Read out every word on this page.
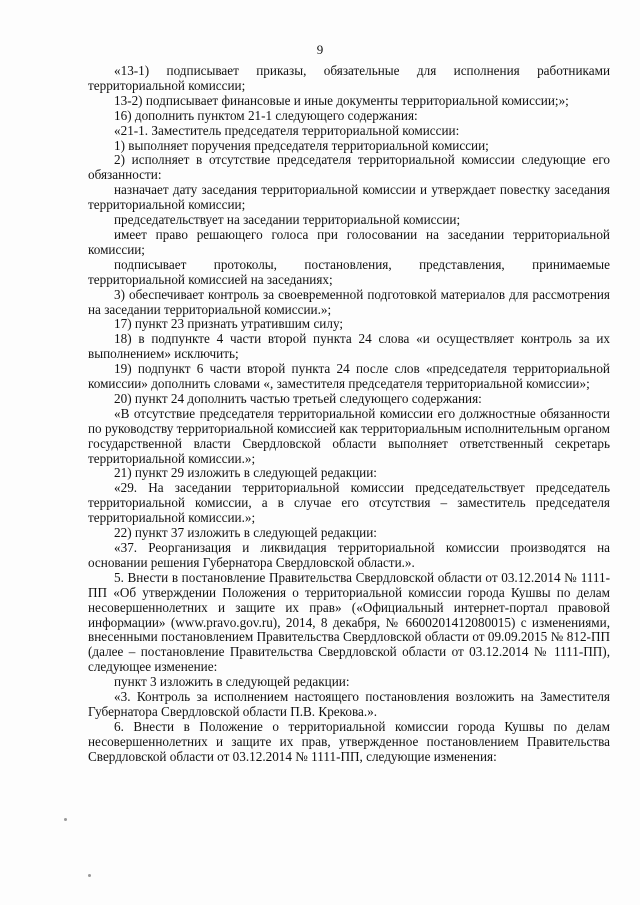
9

«13-1) подписывает приказы, обязательные для исполнения работниками территориальной комиссии;

13-2) подписывает финансовые и иные документы территориальной комиссии;»;

16) дополнить пунктом 21-1 следующего содержания:

«21-1. Заместитель председателя территориальной комиссии:

1) выполняет поручения председателя территориальной комиссии;

2) исполняет в отсутствие председателя территориальной комиссии следующие его обязанности:

назначает дату заседания территориальной комиссии и утверждает повестку заседания территориальной комиссии;

председательствует на заседании территориальной комиссии;

имеет право решающего голоса при голосовании на заседании территориальной комиссии;

подписывает протоколы, постановления, представления, принимаемые территориальной комиссией на заседаниях;

3) обеспечивает контроль за своевременной подготовкой материалов для рассмотрения на заседании территориальной комиссии.»;

17) пункт 23 признать утратившим силу;

18) в подпункте 4 части второй пункта 24 слова «и осуществляет контроль за их выполнением» исключить;

19) подпункт 6 части второй пункта 24 после слов «председателя территориальной комиссии» дополнить словами «, заместителя председателя территориальной комиссии»;

20) пункт 24 дополнить частью третьей следующего содержания:

«В отсутствие председателя территориальной комиссии его должностные обязанности по руководству территориальной комиссией как территориальным исполнительным органом государственной власти Свердловской области выполняет ответственный секретарь территориальной комиссии.»;

21) пункт 29 изложить в следующей редакции:

«29. На заседании территориальной комиссии председательствует председатель территориальной комиссии, а в случае его отсутствия – заместитель председателя территориальной комиссии.»;

22) пункт 37 изложить в следующей редакции:

«37. Реорганизация и ликвидация территориальной комиссии производятся на основании решения Губернатора Свердловской области.».

5. Внести в постановление Правительства Свердловской области от 03.12.2014 № 1111-ПП «Об утверждении Положения о территориальной комиссии города Кушвы по делам несовершеннолетних и защите их прав» («Официальный интернет-портал правовой информации» (www.pravo.gov.ru), 2014, 8 декабря, № 6600201412080015) с изменениями, внесенными постановлением Правительства Свердловской области от 09.09.2015 № 812-ПП (далее – постановление Правительства Свердловской области от 03.12.2014 № 1111-ПП), следующее изменение:

пункт 3 изложить в следующей редакции:

«3. Контроль за исполнением настоящего постановления возложить на Заместителя Губернатора Свердловской области П.В. Крекова.».

6. Внести в Положение о территориальной комиссии города Кушвы по делам несовершеннолетних и защите их прав, утвержденное постановлением Правительства Свердловской области от 03.12.2014 № 1111-ПП, следующие изменения:
